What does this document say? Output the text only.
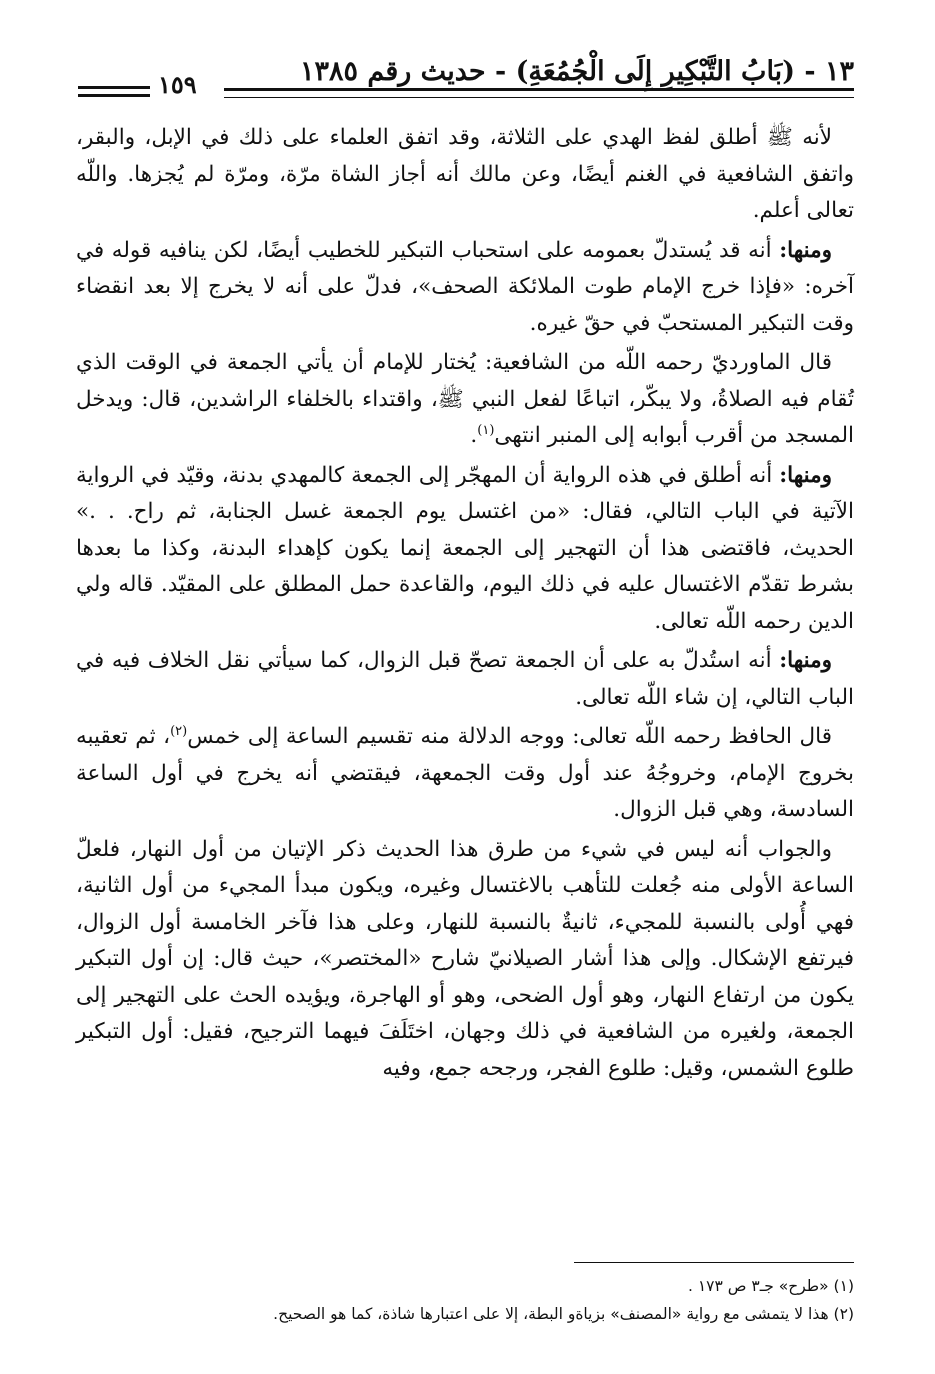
١٣ - (بَابُ التَّبْكِيرِ إِلَى الْجُمُعَةِ) - حديث رقم ١٣٨٥
١٥٩

لأنه ﷺ أطلق لفظ الهدي على الثلاثة، وقد اتفق العلماء على ذلك في الإبل، والبقر، واتفق الشافعية في الغنم أيضًا، وعن مالك أنه أجاز الشاة مرّة، ومرّة لم يُجزها. واللّه تعالى أعلم.

ومنها: أنه قد يُستدلّ بعمومه على استحباب التبكير للخطيب أيضًا، لكن ينافيه قوله في آخره: «فإذا خرج الإمام طوت الملائكة الصحف»، فدلّ على أنه لا يخرج إلا بعد انقضاء وقت التبكير المستحبّ في حقّ غيره.

قال الماورديّ رحمه اللّه من الشافعية: يُختار للإمام أن يأتي الجمعة في الوقت الذي تُقام فيه الصلاةُ، ولا يبكّر، اتباعًا لفعل النبي ﷺ، واقتداء بالخلفاء الراشدين، قال: ويدخل المسجد من أقرب أبوابه إلى المنبر انتهى$^{(١)}$.

ومنها: أنه أطلق في هذه الرواية أن المهجّر إلى الجمعة كالمهدي بدنة، وقيّد في الرواية الآتية في الباب التالي، فقال: «من اغتسل يوم الجمعة غسل الجنابة، ثم راح. . .» الحديث، فاقتضى هذا أن التهجير إلى الجمعة إنما يكون كإهداء البدنة، وكذا ما بعدها بشرط تقدّم الاغتسال عليه في ذلك اليوم، والقاعدة حمل المطلق على المقيّد. قاله ولي الدين رحمه اللّه تعالى.

ومنها: أنه استُدلّ به على أن الجمعة تصحّ قبل الزوال، كما سيأتي نقل الخلاف فيه في الباب التالي، إن شاء اللّه تعالى.

قال الحافظ رحمه اللّه تعالى: ووجه الدلالة منه تقسيم الساعة إلى خمس$^{(٢)}$، ثم تعقيبه بخروج الإمام، وخروجُهُ عند أول وقت الجمعهة، فيقتضي أنه يخرج في أول الساعة السادسة، وهي قبل الزوال.

والجواب أنه ليس في شيء من طرق هذا الحديث ذكر الإتيان من أول النهار، فلعلّ الساعة الأولى منه جُعلت للتأهب بالاغتسال وغيره، ويكون مبدأ المجيء من أول الثانية، فهي أُولى بالنسبة للمجيء، ثانيةٌ بالنسبة للنهار، وعلى هذا فآخر الخامسة أول الزوال، فيرتفع الإشكال. وإلى هذا أشار الصيلانيّ شارح «المختصر»، حيث قال: إن أول التبكير يكون من ارتفاع النهار، وهو أول الضحى، وهو أو الهاجرة، ويؤيده الحث على التهجير إلى الجمعة، ولغيره من الشافعية في ذلك وجهان، اختَلَفَ فيهما الترجيح، فقيل: أول التبكير طلوع الشمس، وقيل: طلوع الفجر، ورجحه جمع، وفيه

(١) «طرح» جـ٣ ص ١٧٣ .
(٢) هذا لا يتمشى مع رواية «المصنف» بزياةو البطة، إلا على اعتبارها شاذة، كما هو الصحيح.
